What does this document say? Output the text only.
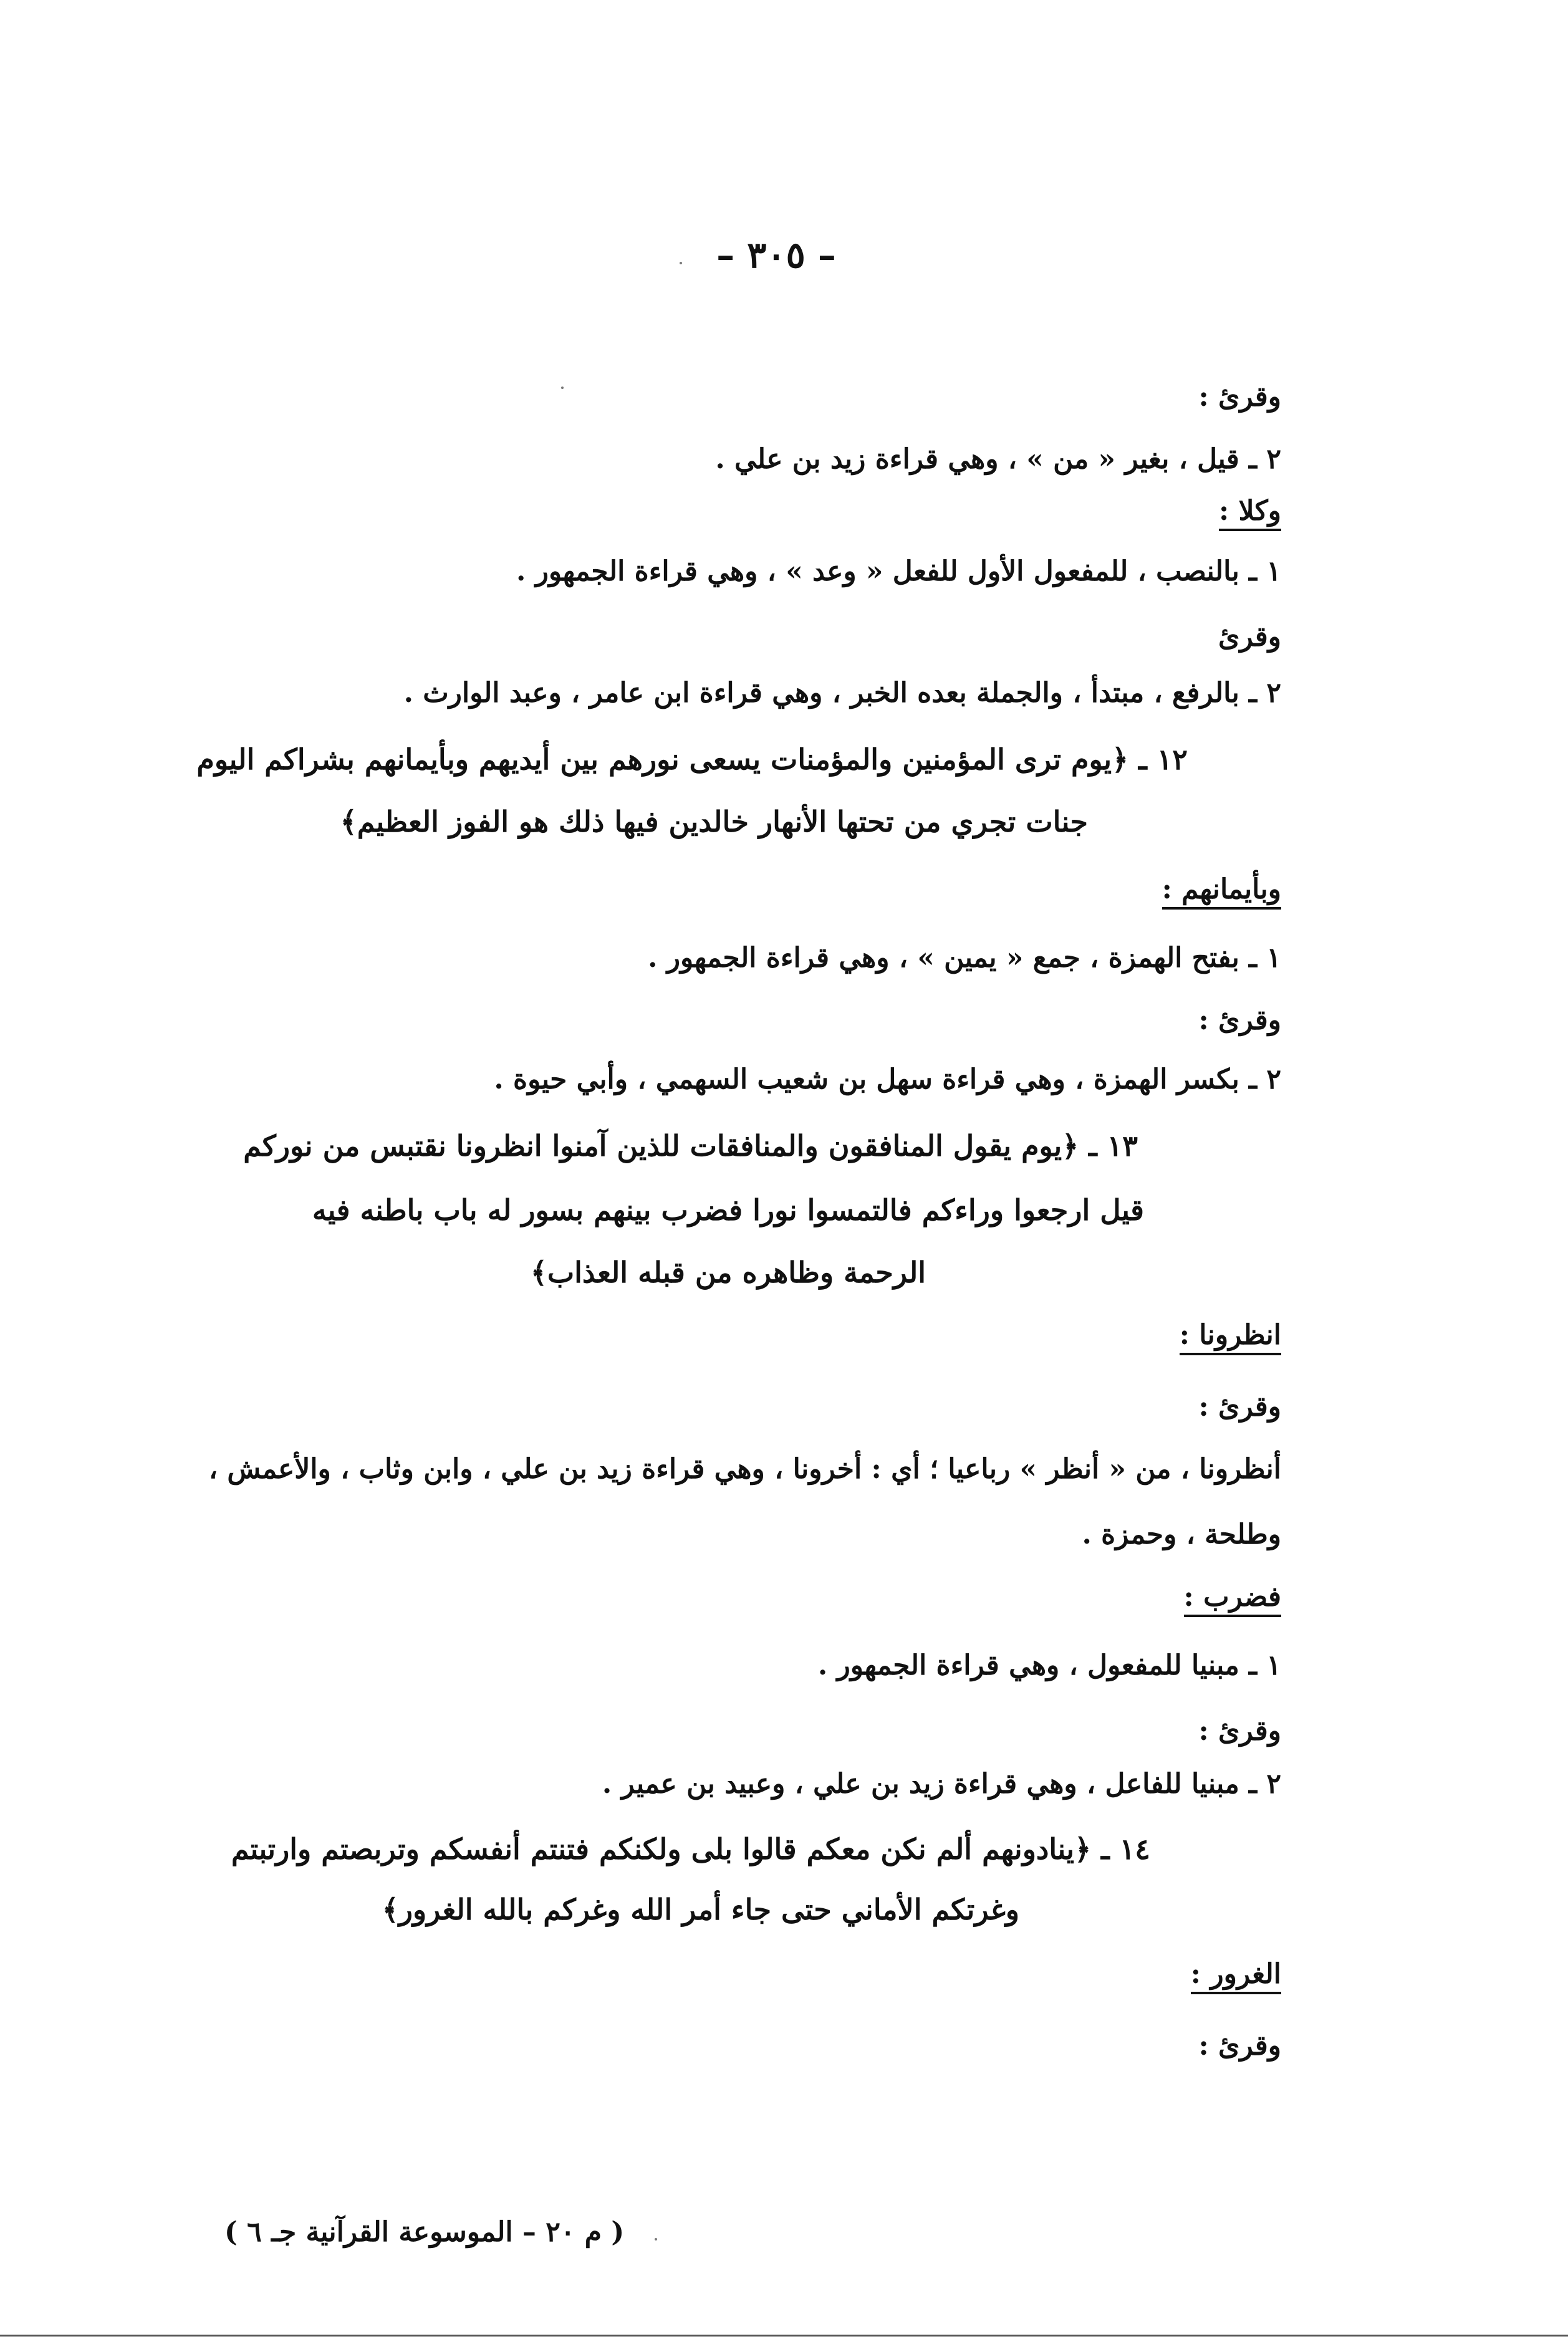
– ٣٠٥ –
وقرئ :
٢ ـ قيل ، بغير « من » ، وهي قراءة زيد بن علي .
وكلا :
١ ـ بالنصب ، للمفعول الأول للفعل « وعد » ، وهي قراءة الجمهور .
وقرئ
٢ ـ بالرفع ، مبتدأ ، والجملة بعده الخبر ، وهي قراءة ابن عامر ، وعبد الوارث .
١٢ ـ ﴿يوم ترى المؤمنين والمؤمنات يسعى نورهم بين أيديهم وبأيمانهم بشراكم اليوم
جنات تجري من تحتها الأنهار خالدين فيها ذلك هو الفوز العظيم﴾
وبأيمانهم :
١ ـ بفتح الهمزة ، جمع « يمين » ، وهي قراءة الجمهور .
وقرئ :
٢ ـ بكسر الهمزة ، وهي قراءة سهل بن شعيب السهمي ، وأبي حيوة .
١٣ ـ ﴿يوم يقول المنافقون والمنافقات للذين آمنوا انظرونا نقتبس من نوركم
قيل ارجعوا وراءكم فالتمسوا نورا فضرب بينهم بسور له باب باطنه فيه
الرحمة وظاهره من قبله العذاب﴾
انظرونا :
وقرئ :
أنظرونا ، من « أنظر » رباعيا ؛ أي : أخرونا ، وهي قراءة زيد بن علي ، وابن وثاب ، والأعمش ،
وطلحة ، وحمزة .
فضرب :
١ ـ مبنيا للمفعول ، وهي قراءة الجمهور .
وقرئ :
٢ ـ مبنيا للفاعل ، وهي قراءة زيد بن علي ، وعبيد بن عمير .
١٤ ـ ﴿ينادونهم ألم نكن معكم قالوا بلى ولكنكم فتنتم أنفسكم وتربصتم وارتبتم
وغرتكم الأماني حتى جاء أمر الله وغركم بالله الغرور﴾
الغرور :
وقرئ :
( م ٢٠ – الموسوعة القرآنية جـ ٦ )
